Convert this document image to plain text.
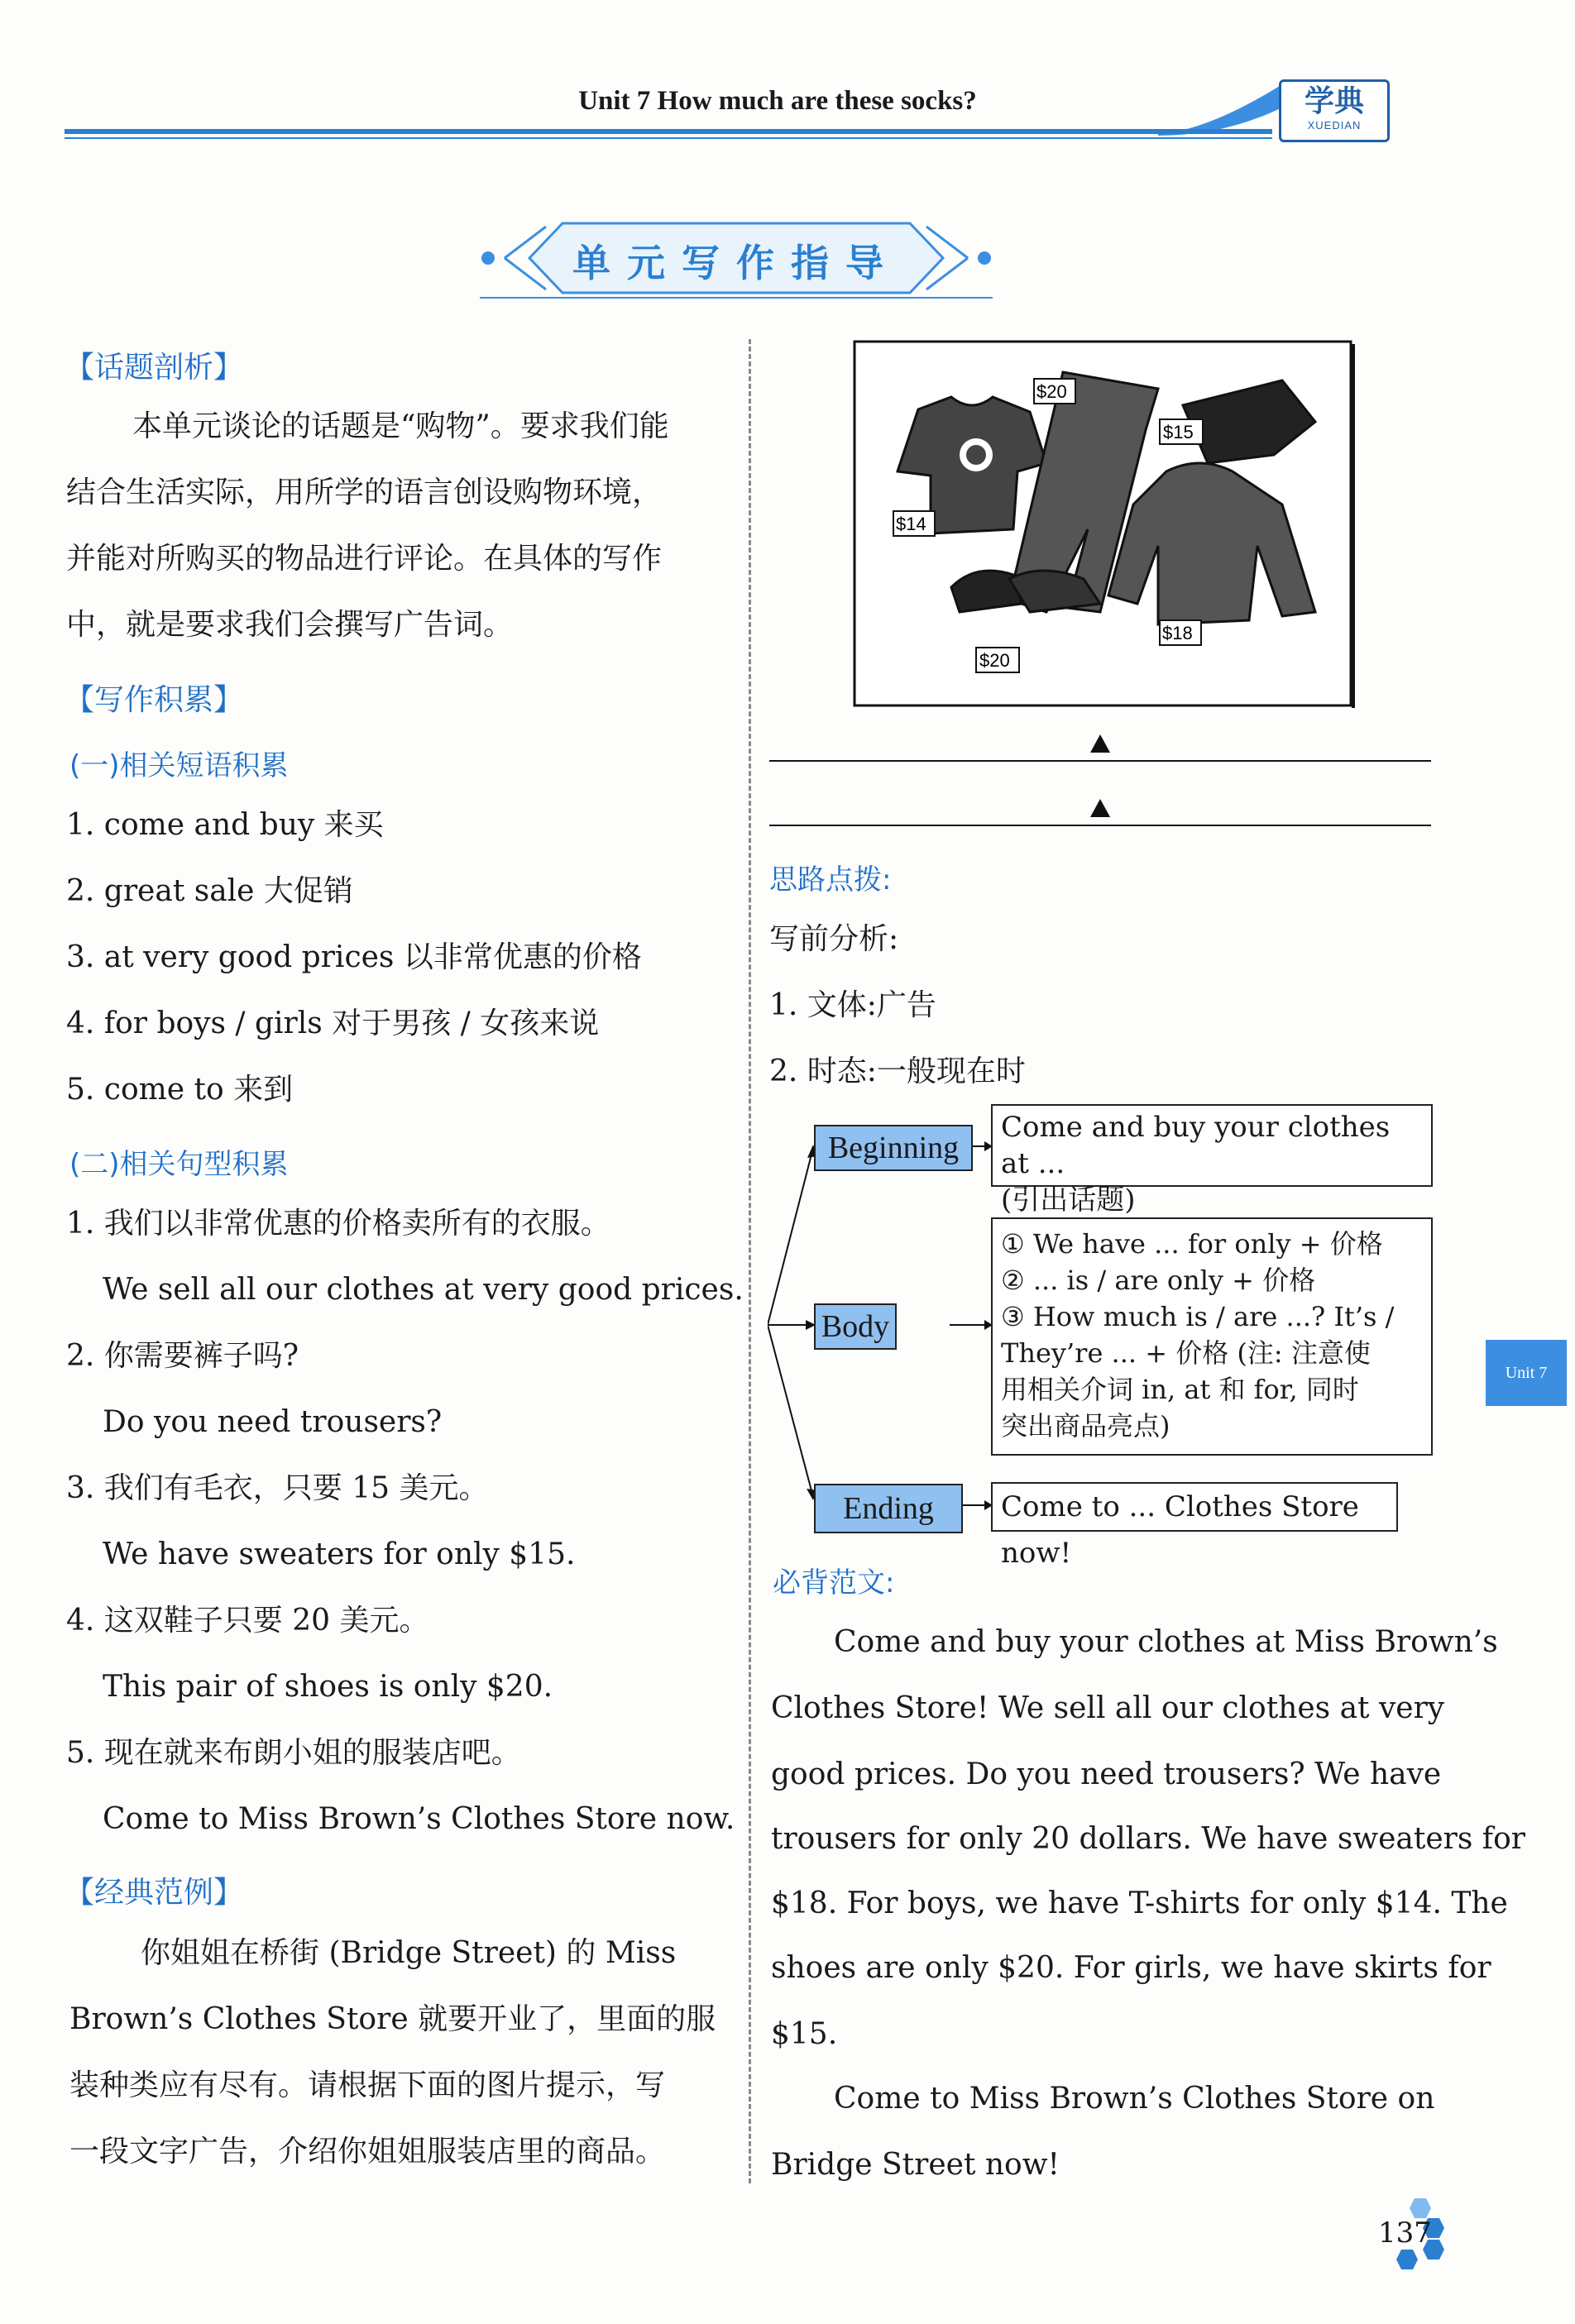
Unit 7 How much are these socks?	学典
XUEDIAN
单元写作指导
Unit 7
【话题剖析】
本单元谈论的话题是“购物”。要求我们能
结合生活实际，用所学的语言创设购物环境，
并能对所购买的物品进行评论。在具体的写作
中，就是要求我们会撰写广告词。
【写作积累】
(一)相关短语积累
1. come and buy 来买
2. great sale 大促销
3. at very good prices 以非常优惠的价格
4. for boys / girls 对于男孩 / 女孩来说
5. come to 来到
(二)相关句型积累
1. 我们以非常优惠的价格卖所有的衣服。
We sell all our clothes at very good prices.
2. 你需要裤子吗?
Do you need trousers?
3. 我们有毛衣，只要 15 美元。
We have sweaters for only $15.
4. 这双鞋子只要 20 美元。
This pair of shoes is only $20.
5. 现在就来布朗小姐的服装店吧。
Come to Miss Brown’s Clothes Store now.
【经典范例】
你姐姐在桥街 (Bridge Street) 的 Miss
Brown’s Clothes Store 就要开业了，里面的服
装种类应有尽有。请根据下面的图片提示，写
一段文字广告，介绍你姐姐服装店里的商品。
$20
$15
$14
$18
$20
思路点拨:
写前分析:
1. 文体:广告
2. 时态:一般现在时
Beginning
Come and buy your clothes at ...
(引出话题)
Body
① We have ... for only + 价格
② ... is / are only + 价格
③ How much is / are ...? It’s /
They’re ... + 价格 (注: 注意使
用相关介词 in, at 和 for, 同时
突出商品亮点)
Ending	Come to ... Clothes Store now!
必背范文:
Come and buy your clothes at Miss Brown’s
Clothes Store! We sell all our clothes at very
good prices. Do you need trousers? We have
trousers for only 20 dollars. We have sweaters for
$18. For boys, we have T-shirts for only $14. The
shoes are only $20. For girls, we have skirts for
$15.
Come to Miss Brown’s Clothes Store on
Bridge Street now!
137
